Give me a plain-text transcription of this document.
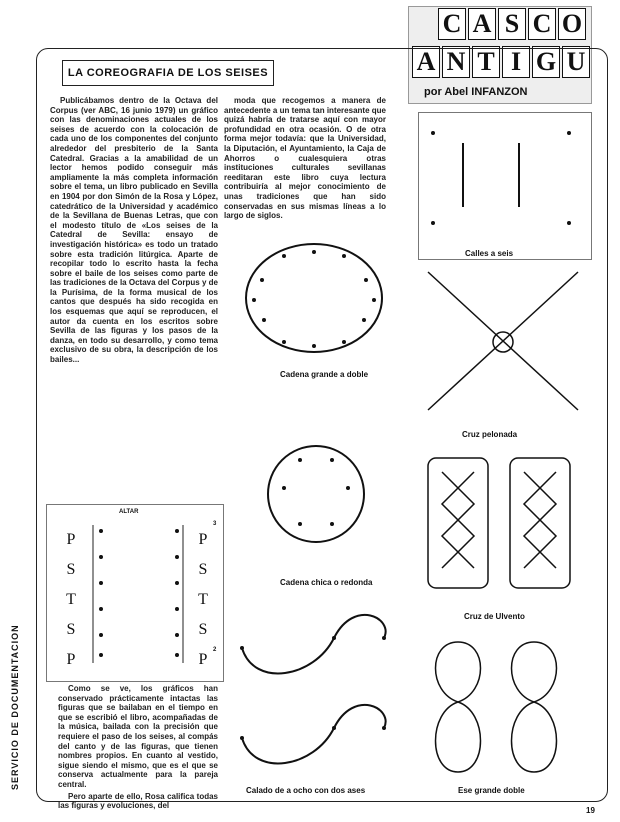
C A S C O
A N T I G U
por Abel INFANZON
LA COREOGRAFIA DE LOS SEISES

Publicábamos dentro de la Octava del Corpus (ver ABC, 16 junio 1979) un gráfico con las denominaciones actuales de los seises de acuerdo con la colocación de cada uno de los componentes del conjunto alrededor del presbiterio de la Santa Catedral. Gracias a la amabilidad de un lector hemos podido conseguir más ampliamente la más completa información sobre el tema, un libro publicado en Sevilla en 1904 por don Simón de la Rosa y López, catedrático de la Universidad y académico de la Sevillana de Buenas Letras, que con el modesto título de «Los seises de la Catedral de Sevilla: ensayo de investigación histórica» es todo un tratado sobre esta tradición litúrgica. Aparte de recopilar todo lo escrito hasta la fecha sobre el baile de los seises como parte de las tradiciones de la Octava del Corpus y de la Purísima, de la forma musical de los cantos que después ha sido recogida en los esquemas que aquí se reproducen, el autor da cuenta en los escritos sobre Sevilla de las figuras y los pasos de la danza, en todo su desarrollo, y como tema exclusivo de su obra, la descripción de los bailes...

moda que recogemos a manera de antecedente a un tema tan interesante que quizá habría de tratarse aquí con mayor profundidad en otra ocasión. O de otra forma mejor todavía: que la Universidad, la Diputación, el Ayuntamiento, la Caja de Ahorros o cualesquiera otras instituciones culturales sevillanas reeditaran este libro cuya lectura contribuiría al mejor conocimiento de unas tradiciones que han sido conservadas en sus mismas líneas a lo largo de siglos.

Como se ve, los gráficos han conservado prácticamente intactas las figuras que se bailaban en el tiempo en que se escribió el libro, acompañadas de la música, bailada con la precisión que requiere el paso de los seises, al compás del canto y de las figuras, que tienen nombres propios. En cuanto al vestido, sigue siendo el mismo, que es el que se conserva actualmente para la pareja central.

Pero aparte de ello, Rosa califica todas las figuras y evoluciones, del

ALTAR
P
S
T
S
P
P
S
T
S
P
3
2
Cadena grande a doble
Cadena chica o redonda
Calado de a ocho con dos ases
Calles a seis
Cruz pelonada
Cruz de Ulvento
Ese grande doble
SERVICIO DE DOCUMENTACION
19
